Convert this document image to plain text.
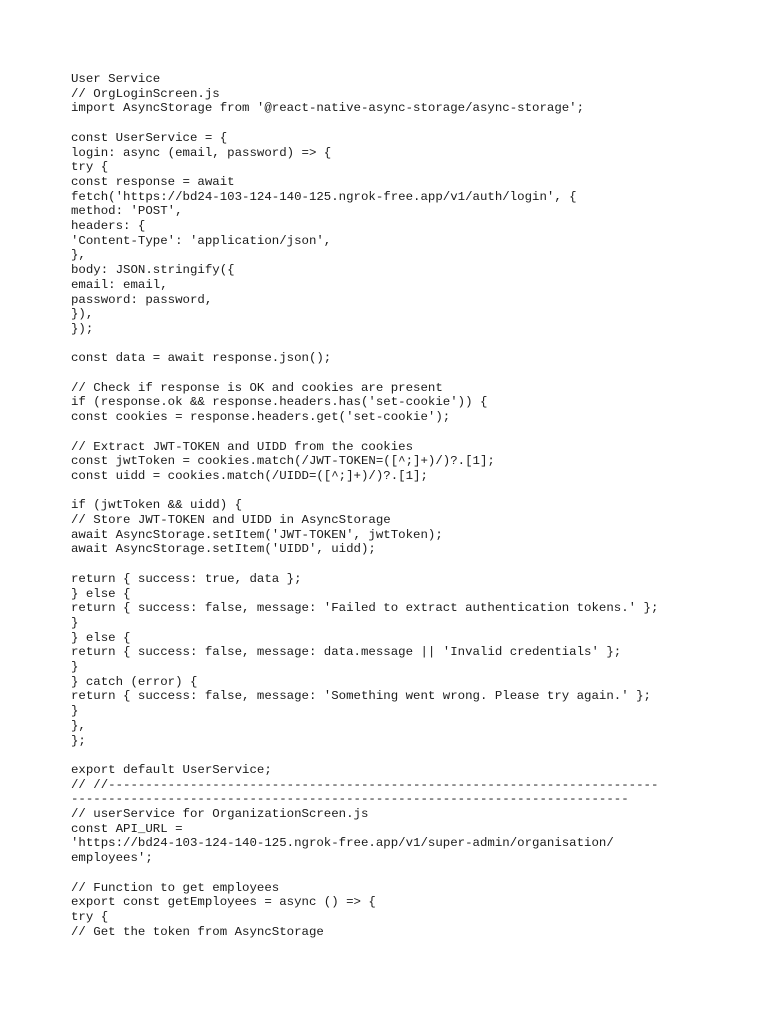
User Service
// OrgLoginScreen.js
import AsyncStorage from '@react-native-async-storage/async-storage';
const UserService = {
login: async (email, password) => {
try {
const response = await
fetch('https://bd24-103-124-140-125.ngrok-free.app/v1/auth/login', {
method: 'POST',
headers: {
'Content-Type': 'application/json',
},
body: JSON.stringify({
email: email,
password: password,
}),
});
const data = await response.json();
// Check if response is OK and cookies are present
if (response.ok && response.headers.has('set-cookie')) {
const cookies = response.headers.get('set-cookie');
// Extract JWT-TOKEN and UIDD from the cookies
const jwtToken = cookies.match(/JWT-TOKEN=([^;]+)/)?.[1];
const uidd = cookies.match(/UIDD=([^;]+)/)?.[1];
if (jwtToken && uidd) {
// Store JWT-TOKEN and UIDD in AsyncStorage
await AsyncStorage.setItem('JWT-TOKEN', jwtToken);
await AsyncStorage.setItem('UIDD', uidd);
return { success: true, data };
} else {
return { success: false, message: 'Failed to extract authentication tokens.' };
}
} else {
return { success: false, message: data.message || 'Invalid credentials' };
}
} catch (error) {
return { success: false, message: 'Something went wrong. Please try again.' };
}
},
};
export default UserService;
// //--------------------------------------------------------------------------
---------------------------------------------------------------------------
// userService for OrganizationScreen.js
const API_URL =
'https://bd24-103-124-140-125.ngrok-free.app/v1/super-admin/organisation/
employees';
// Function to get employees
export const getEmployees = async () => {
try {
// Get the token from AsyncStorage
